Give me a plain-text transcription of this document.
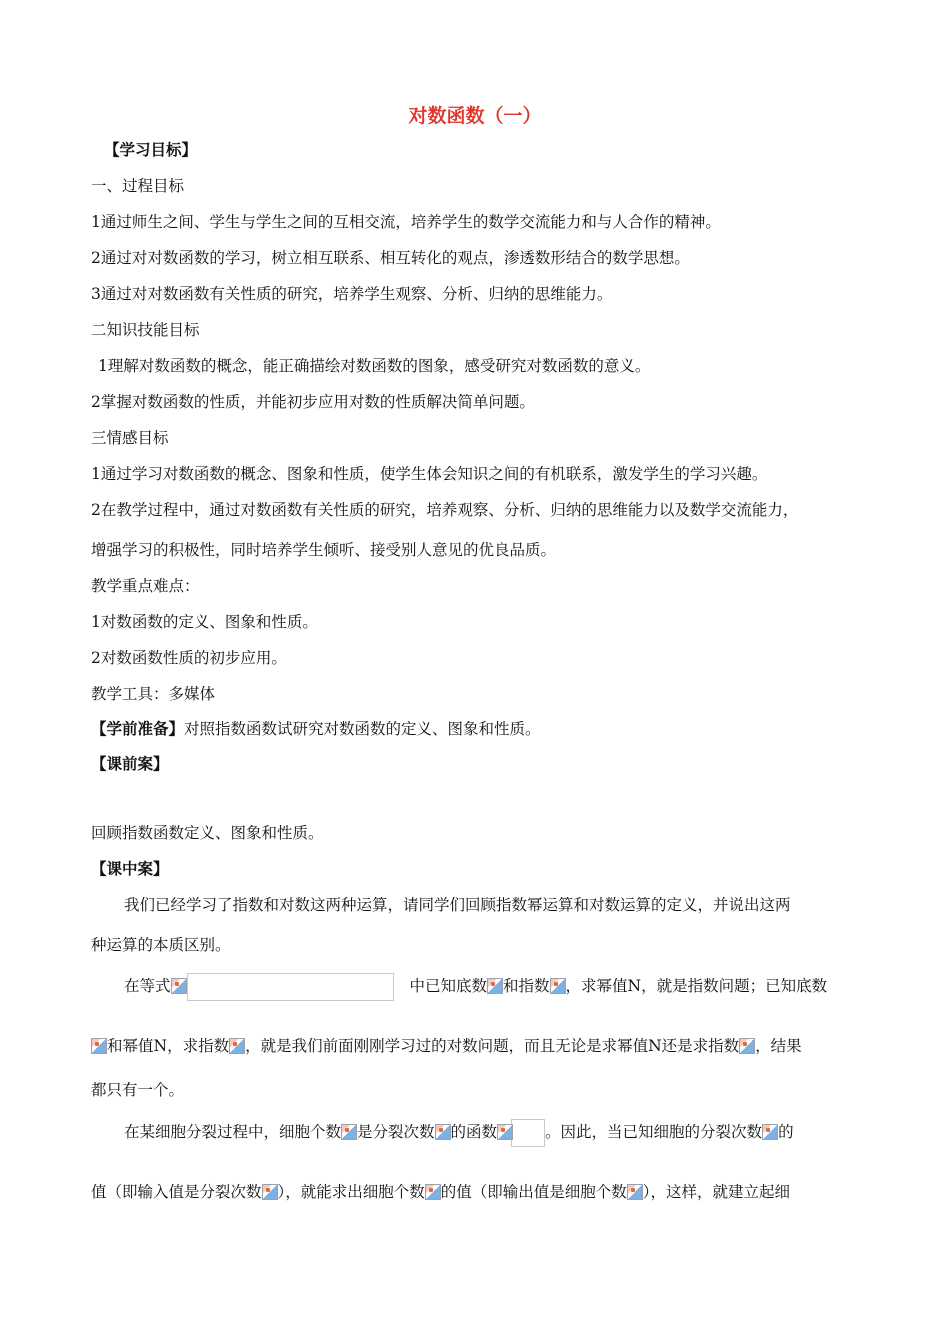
对数函数（一）
【学习目标】
一、过程目标
1通过师生之间、学生与学生之间的互相交流，培养学生的数学交流能力和与人合作的精神。
2通过对对数函数的学习，树立相互联系、相互转化的观点，渗透数形结合的数学思想。
3通过对对数函数有关性质的研究，培养学生观察、分析、归纳的思维能力。
二知识技能目标
1理解对数函数的概念，能正确描绘对数函数的图象，感受研究对数函数的意义。
2掌握对数函数的性质，并能初步应用对数的性质解决简单问题。
三情感目标
1通过学习对数函数的概念、图象和性质，使学生体会知识之间的有机联系，激发学生的学习兴趣。
2在教学过程中，通过对数函数有关性质的研究，培养观察、分析、归纳的思维能力以及数学交流能力，
增强学习的积极性，同时培养学生倾听、接受别人意见的优良品质。
教学重点难点：
1对数函数的定义、图象和性质。
2对数函数性质的初步应用。
教学工具：多媒体
【学前准备】对照指数函数试研究对数函数的定义、图象和性质。
【课前案】
回顾指数函数定义、图象和性质。
【课中案】
我们已经学习了指数和对数这两种运算，请同学们回顾指数幂运算和对数运算的定义，并说出这两
种运算的本质区别。
在等式	中已知底数 和指数 ，求幂值N，就是指数问题；已知底数
和幂值N，求指数 ，就是我们前面刚刚学习过的对数问题，而且无论是求幂值N还是求指数 ，结果
都只有一个。
在某细胞分裂过程中，细胞个数 是分裂次数 的函数	。因此，当已知细胞的分裂次数 的
值（即输入值是分裂次数 ），就能求出细胞个数 的值（即输出值是细胞个数 ），这样，就建立起细
